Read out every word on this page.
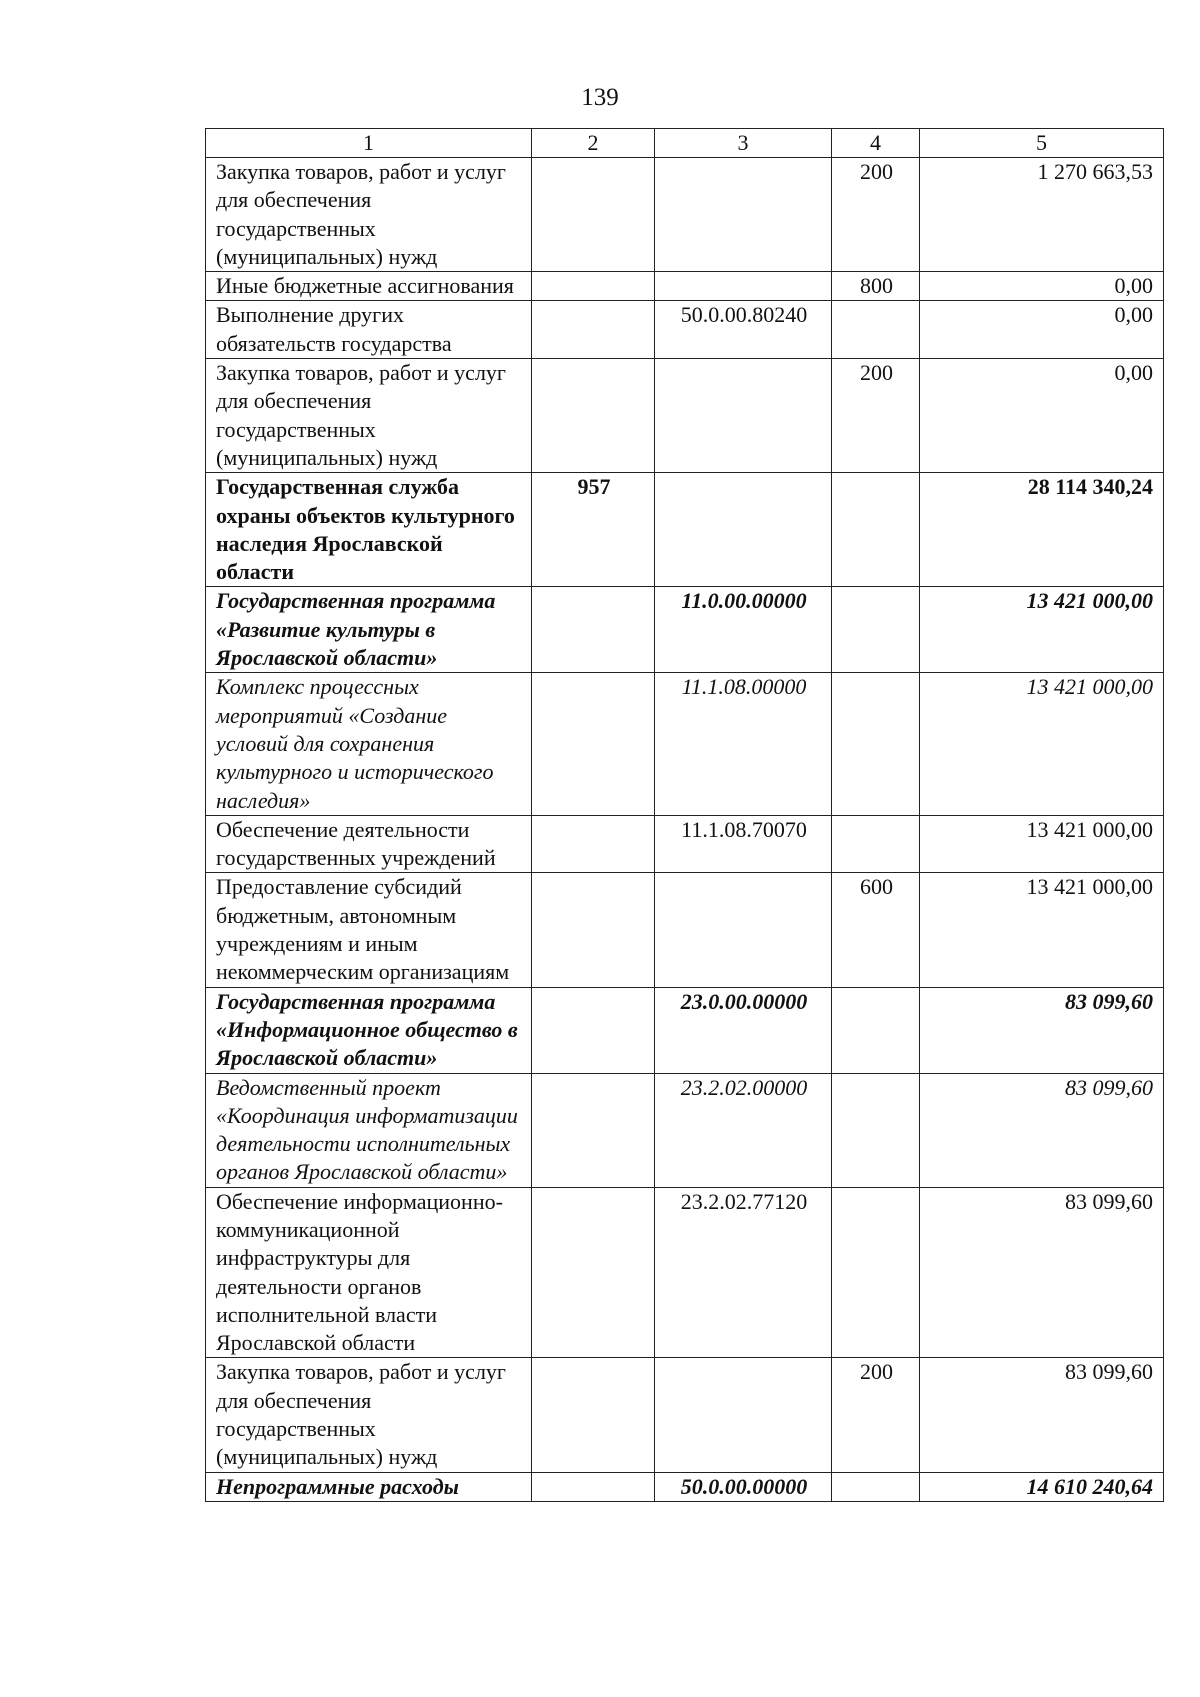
139
1	2	3	4	5
Закупка товаров, работ и услуг для обеспечения государственных (муниципальных) нужд			200	1 270 663,53
Иные бюджетные ассигнования			800	0,00
Выполнение других обязательств государства		50.0.00.80240		0,00
Закупка товаров, работ и услуг для обеспечения государственных (муниципальных) нужд			200	0,00
Государственная служба охраны объектов культурного наследия Ярославской области	957			28 114 340,24
Государственная программа «Развитие культуры в Ярославской области»		11.0.00.00000		13 421 000,00
Комплекс процессных мероприятий «Создание условий для сохранения культурного и исторического наследия»		11.1.08.00000		13 421 000,00
Обеспечение деятельности государственных учреждений		11.1.08.70070		13 421 000,00
Предоставление субсидий бюджетным, автономным учреждениям и иным некоммерческим организациям			600	13 421 000,00
Государственная программа «Информационное общество в Ярославской области»		23.0.00.00000		83 099,60
Ведомственный проект «Координация информатизации деятельности исполнительных органов Ярославской области»		23.2.02.00000		83 099,60
Обеспечение информационно-коммуникационной инфраструктуры для деятельности органов исполнительной власти Ярославской области		23.2.02.77120		83 099,60
Закупка товаров, работ и услуг для обеспечения государственных (муниципальных) нужд			200	83 099,60
Непрограммные расходы		50.0.00.00000		14 610 240,64
